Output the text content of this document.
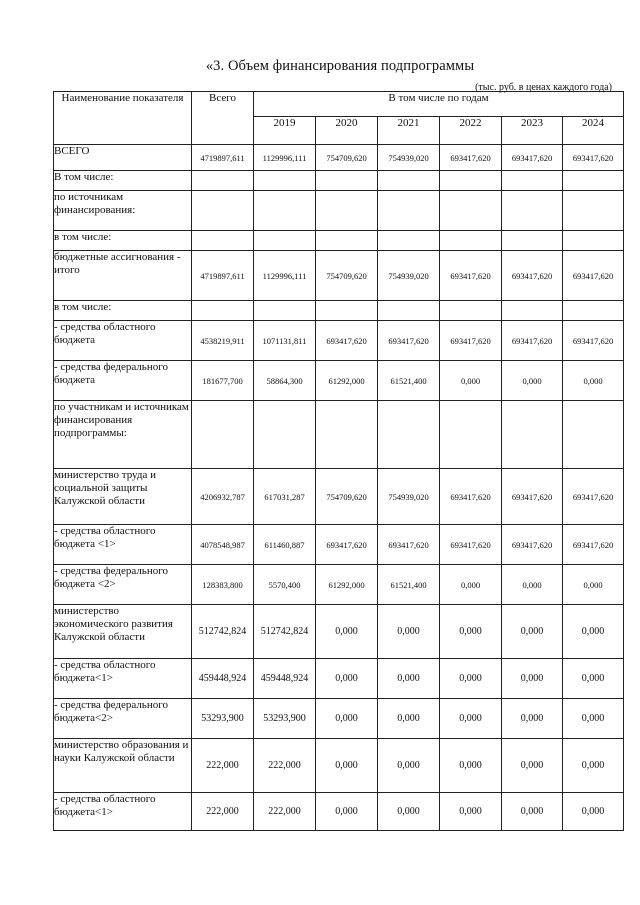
«3. Объем финансирования подпрограммы
(тыс. руб. в ценах каждого года)
Наименование показателя	Всего	В том числе по годам					
		2019	2020	2021	2022	2023	2024
ВСЕГО	4719897,611	1129996,111	754709,620	754939,020	693417,620	693417,620	693417,620
В том числе:							
по источникам финансирования:							
в том числе:							
бюджетные ассигнования - итого	4719897,611	1129996,111	754709,620	754939,020	693417,620	693417,620	693417,620
в том числе:							
- средства областного бюджета	4538219,911	1071131,811	693417,620	693417,620	693417,620	693417,620	693417,620
- средства федерального бюджета	181677,700	58864,300	61292,000	61521,400	0,000	0,000	0,000
по участникам и источникам финансирования подпрограммы:							
министерство труда и социальной защиты Калужской области	4206932,787	617031,287	754709,620	754939,020	693417,620	693417,620	693417,620
- средства областного бюджета <1>	4078548,987	611460,887	693417,620	693417,620	693417,620	693417,620	693417,620
- средства федерального бюджета <2>	128383,800	5570,400	61292,000	61521,400	0,000	0,000	0,000
министерство экономического развития Калужской области	512742,824	512742,824	0,000	0,000	0,000	0,000	0,000
- средства областного бюджета<1>	459448,924	459448,924	0,000	0,000	0,000	0,000	0,000
- средства федерального бюджета<2>	53293,900	53293,900	0,000	0,000	0,000	0,000	0,000
министерство образования и науки Калужской области	222,000	222,000	0,000	0,000	0,000	0,000	0,000
- средства областного бюджета<1>	222,000	222,000	0,000	0,000	0,000	0,000	0,000
